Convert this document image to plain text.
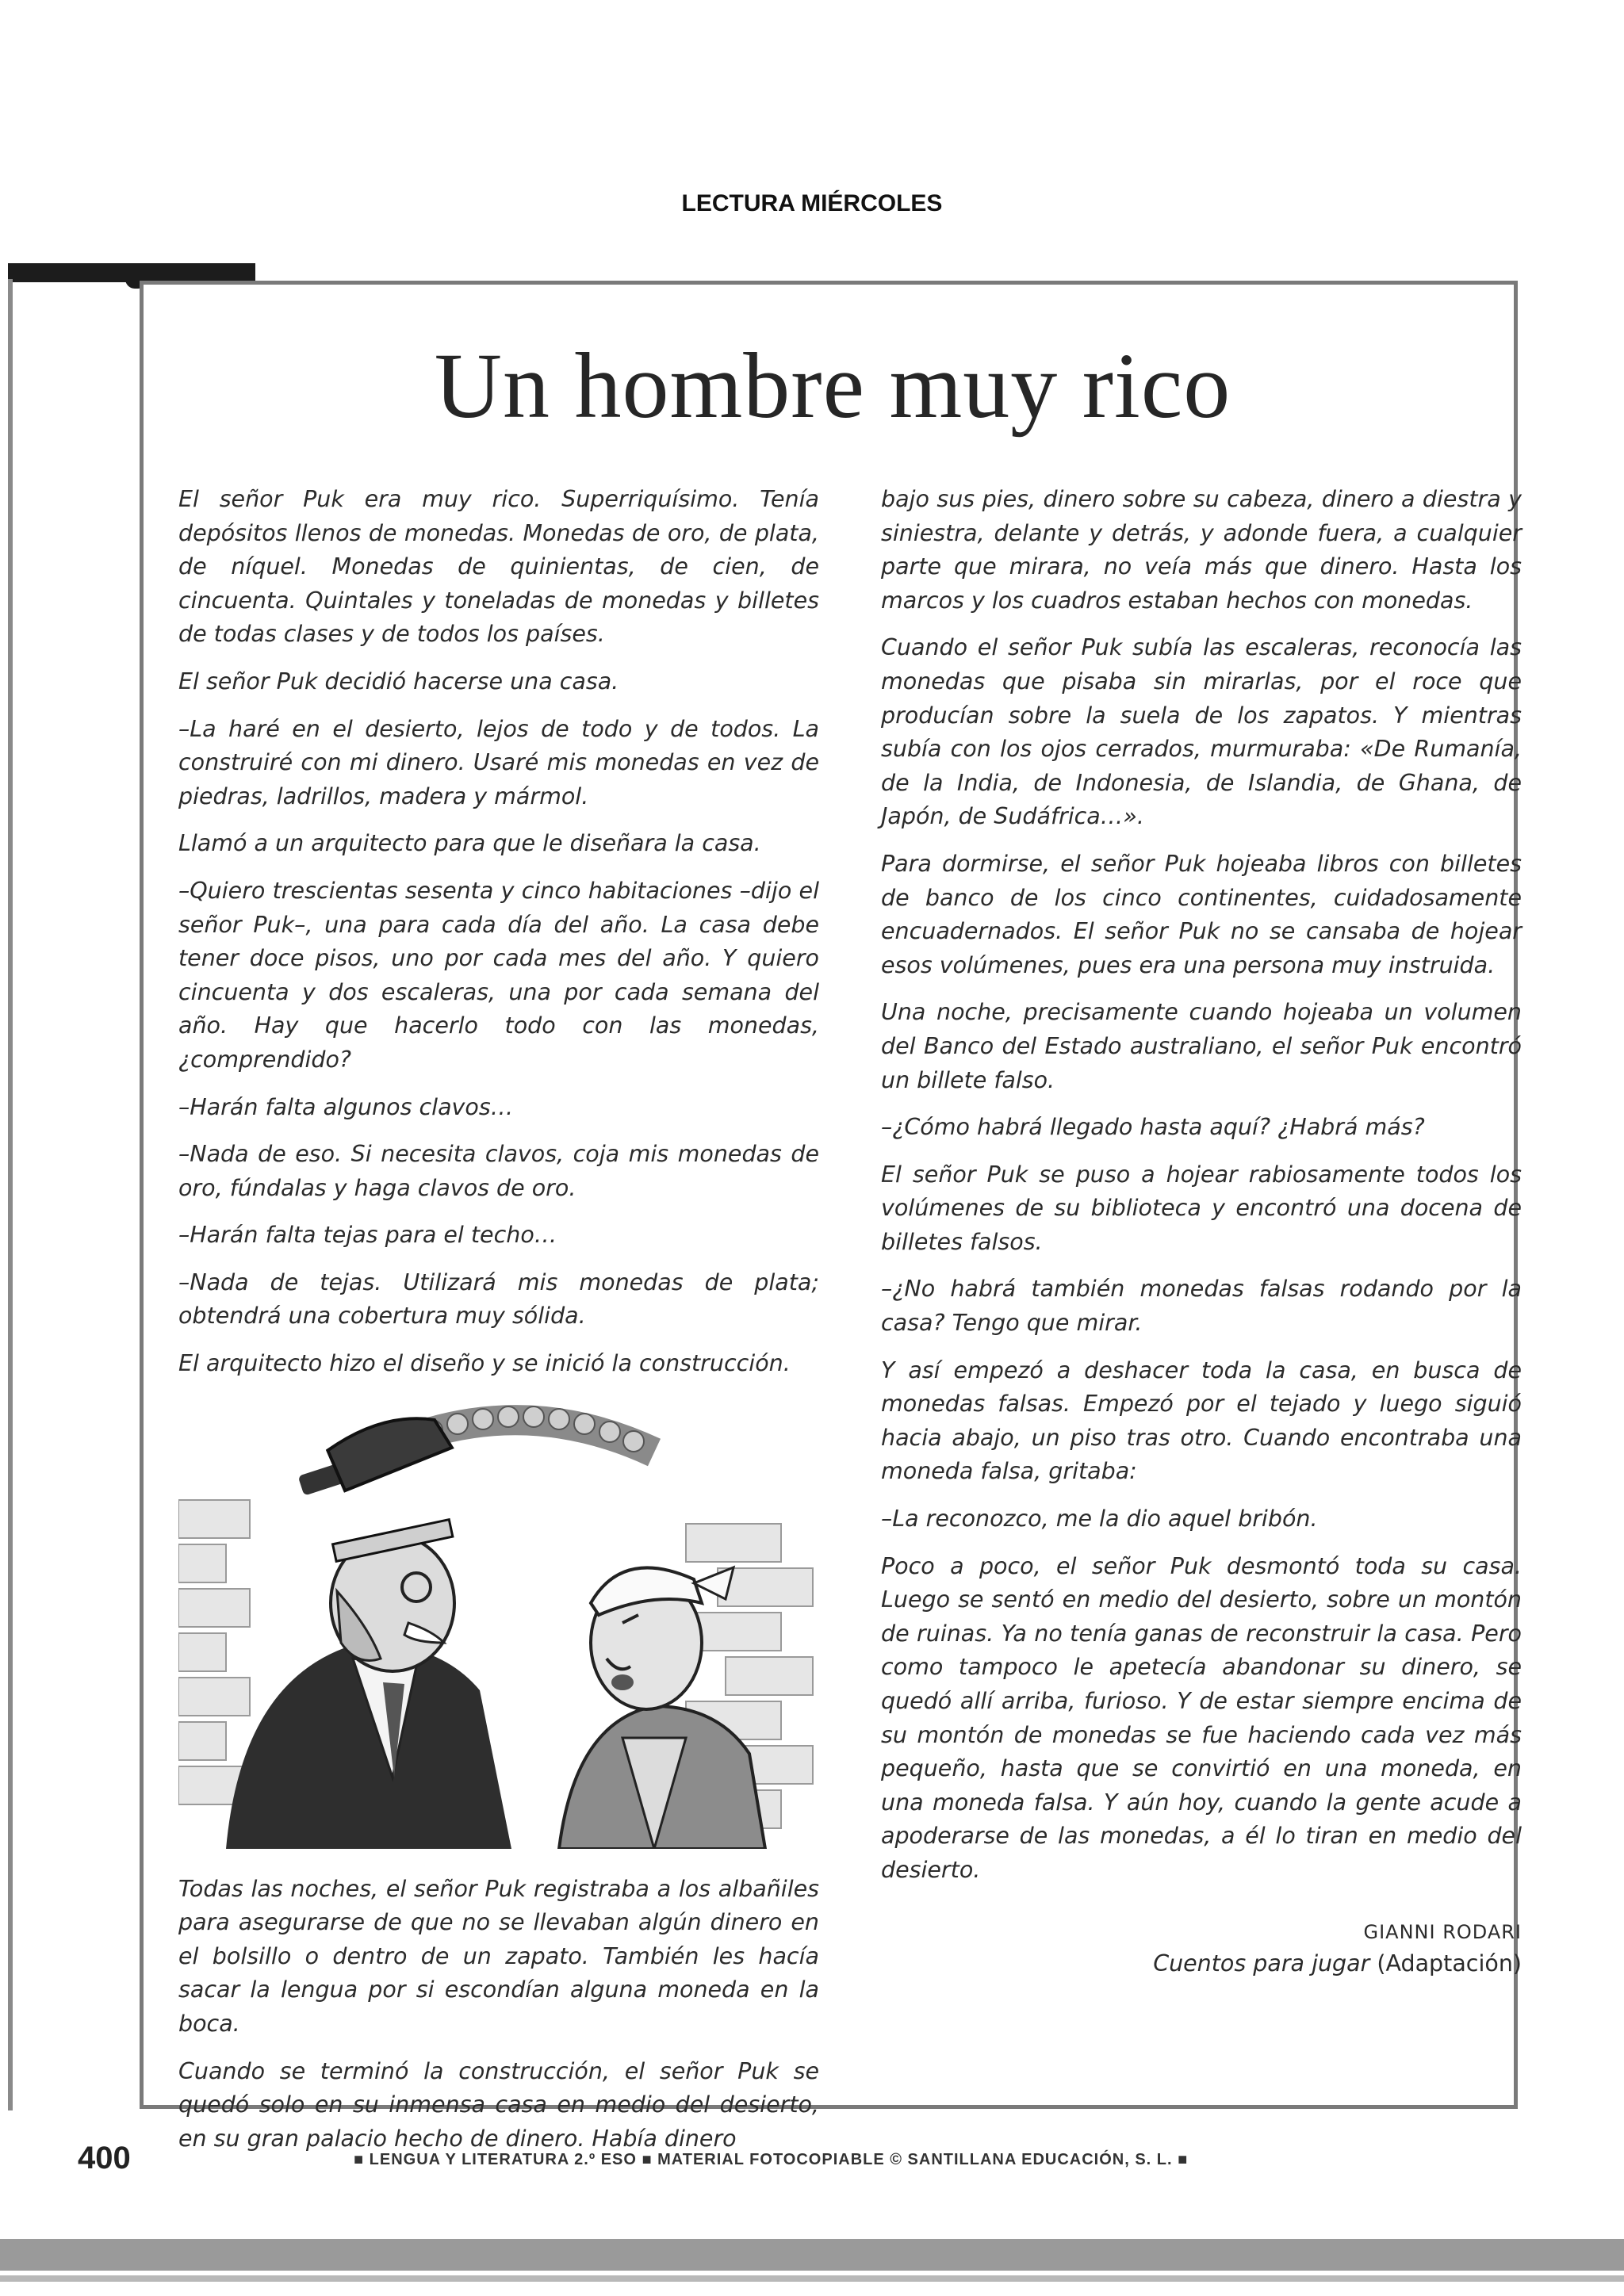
LECTURA MIÉRCOLES
Un hombre muy rico

El señor Puk era muy rico. Superriquísimo. Tenía depósitos llenos de monedas. Monedas de oro, de plata, de níquel. Monedas de quinientas, de cien, de cincuenta. Quintales y toneladas de monedas y billetes de todas clases y de todos los países.

El señor Puk decidió hacerse una casa.

–La haré en el desierto, lejos de todo y de todos. La construiré con mi dinero. Usaré mis monedas en vez de piedras, ladrillos, madera y mármol.

Llamó a un arquitecto para que le diseñara la casa.

–Quiero trescientas sesenta y cinco habitaciones –dijo el señor Puk–, una para cada día del año. La casa debe tener doce pisos, uno por cada mes del año. Y quiero cincuenta y dos escaleras, una por cada semana del año. Hay que hacerlo todo con las monedas, ¿comprendido?

–Harán falta algunos clavos…

–Nada de eso. Si necesita clavos, coja mis monedas de oro, fúndalas y haga clavos de oro.

–Harán falta tejas para el techo…

–Nada de tejas. Utilizará mis monedas de plata; obtendrá una cobertura muy sólida.

El arquitecto hizo el diseño y se inició la construcción.

Todas las noches, el señor Puk registraba a los albañiles para asegurarse de que no se llevaban algún dinero en el bolsillo o dentro de un zapato. También les hacía sacar la lengua por si escondían alguna moneda en la boca.

Cuando se terminó la construcción, el señor Puk se quedó solo en su inmensa casa en medio del desierto, en su gran palacio hecho de dinero. Había dinero

bajo sus pies, dinero sobre su cabeza, dinero a diestra y siniestra, delante y detrás, y adonde fuera, a cualquier parte que mirara, no veía más que dinero. Hasta los marcos y los cuadros estaban hechos con monedas.

Cuando el señor Puk subía las escaleras, reconocía las monedas que pisaba sin mirarlas, por el roce que producían sobre la suela de los zapatos. Y mientras subía con los ojos cerrados, murmuraba: «De Rumanía, de la India, de Indonesia, de Islandia, de Ghana, de Japón, de Sudáfrica…».

Para dormirse, el señor Puk hojeaba libros con billetes de banco de los cinco continentes, cuidadosamente encuadernados. El señor Puk no se cansaba de hojear esos volúmenes, pues era una persona muy instruida.

Una noche, precisamente cuando hojeaba un volumen del Banco del Estado australiano, el señor Puk encontró un billete falso.

–¿Cómo habrá llegado hasta aquí? ¿Habrá más?

El señor Puk se puso a hojear rabiosamente todos los volúmenes de su biblioteca y encontró una docena de billetes falsos.

–¿No habrá también monedas falsas rodando por la casa? Tengo que mirar.

Y así empezó a deshacer toda la casa, en busca de monedas falsas. Empezó por el tejado y luego siguió hacia abajo, un piso tras otro. Cuando encontraba una moneda falsa, gritaba:

–La reconozco, me la dio aquel bribón.

Poco a poco, el señor Puk desmontó toda su casa. Luego se sentó en medio del desierto, sobre un montón de ruinas. Ya no tenía ganas de reconstruir la casa. Pero como tampoco le apetecía abandonar su dinero, se quedó allí arriba, furioso. Y de estar siempre encima de su montón de monedas se fue haciendo cada vez más pequeño, hasta que se convirtió en una moneda, en una moneda falsa. Y aún hoy, cuando la gente acude a apoderarse de las monedas, a él lo tiran en medio del desierto.

GIANNI RODARI
Cuentos para jugar (Adaptación)
400	■ LENGUA Y LITERATURA 2.º ESO ■ MATERIAL FOTOCOPIABLE © SANTILLANA EDUCACIÓN, S. L. ■
